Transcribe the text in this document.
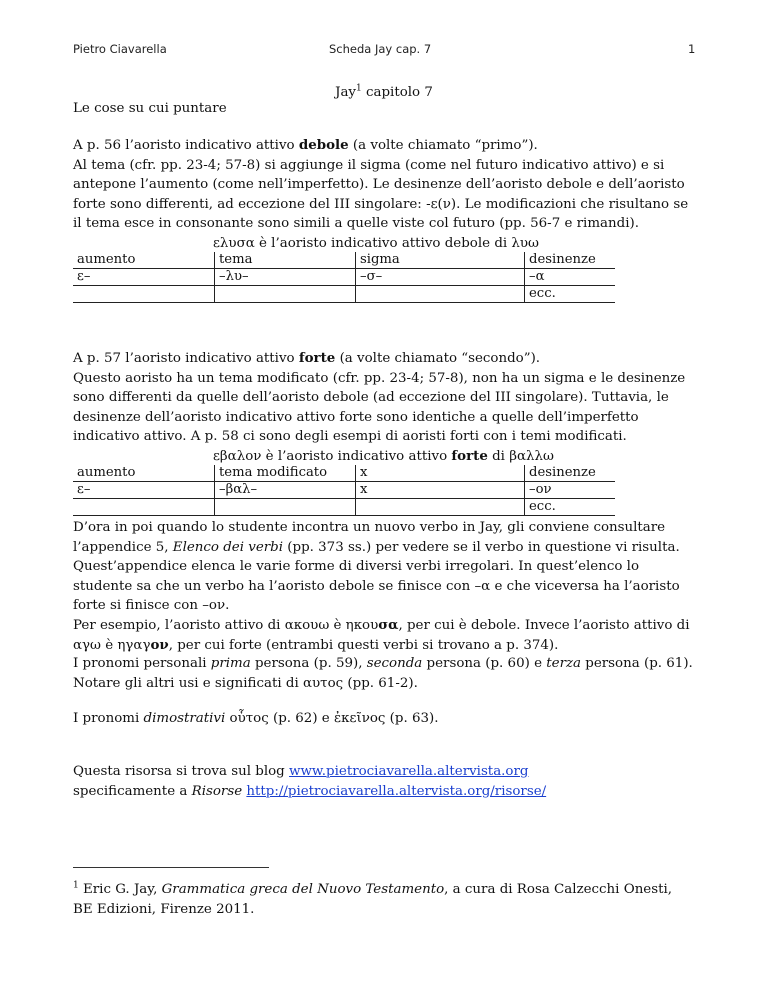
Pietro Ciavarella	Scheda Jay cap. 7	1
Jay$^1$ capitolo 7
Le cose su cui puntare
A p. 56 l’aoristo indicativo attivo debole (a volte chiamato “primo”).
Al tema (cfr. pp. 23-4; 57-8) si aggiunge il sigma (come nel futuro indicativo attivo) e si antepone l’aumento (come nell’imperfetto). Le desinenze dell’aoristo debole e dell’aoristo forte sono differenti, ad eccezione del III singolare: -ε(ν). Le modificazioni che risultano se il tema esce in consonante sono simili a quelle viste col futuro (pp. 56-7 e rimandi).
ελυσα è l’aoristo indicativo attivo debole di λυω
aumento	tema	sigma	desinenze
ε–	–λυ–	–σ–	–α
			ecc.
A p. 57 l’aoristo indicativo attivo forte (a volte chiamato “secondo”).
Questo aoristo ha un tema modificato (cfr. pp. 23-4; 57-8), non ha un sigma e le desinenze sono differenti da quelle dell’aoristo debole (ad eccezione del III singolare). Tuttavia, le desinenze dell’aoristo indicativo attivo forte sono identiche a quelle dell’imperfetto indicativo attivo. A p. 58 ci sono degli esempi di aoristi forti con i temi modificati.
εβαλον è l’aoristo indicativo attivo forte di βαλλω
aumento	tema modificato	x	desinenze
ε–	–βαλ–	x	–ον
			ecc.
D’ora in poi quando lo studente incontra un nuovo verbo in Jay, gli conviene consultare l’appendice 5, Elenco dei verbi (pp. 373 ss.) per vedere se il verbo in questione vi risulta. Quest’appendice elenca le varie forme di diversi verbi irregolari. In quest’elenco lo studente sa che un verbo ha l’aoristo debole se finisce con –α e che viceversa ha l’aoristo forte si finisce con –ον.
Per esempio, l’aoristo attivo di ακουω è ηκουσα, per cui è debole. Invece l’aoristo attivo di αγω è ηγαγον, per cui forte (entrambi questi verbi si trovano a p. 374).
I pronomi personali prima persona (p. 59), seconda persona (p. 60) e terza persona (p. 61).
Notare gli altri usi e significati di αυτος (pp. 61-2).
I pronomi dimostrativi οὗτος (p. 62) e ἐκεῖνος (p. 63).
Questa risorsa si trova sul blog www.pietrociavarella.altervista.org
specificamente a Risorse http://pietrociavarella.altervista.org/risorse/
$^1$ Eric G. Jay, Grammatica greca del Nuovo Testamento, a cura di Rosa Calzecchi Onesti, BE Edizioni, Firenze 2011.
